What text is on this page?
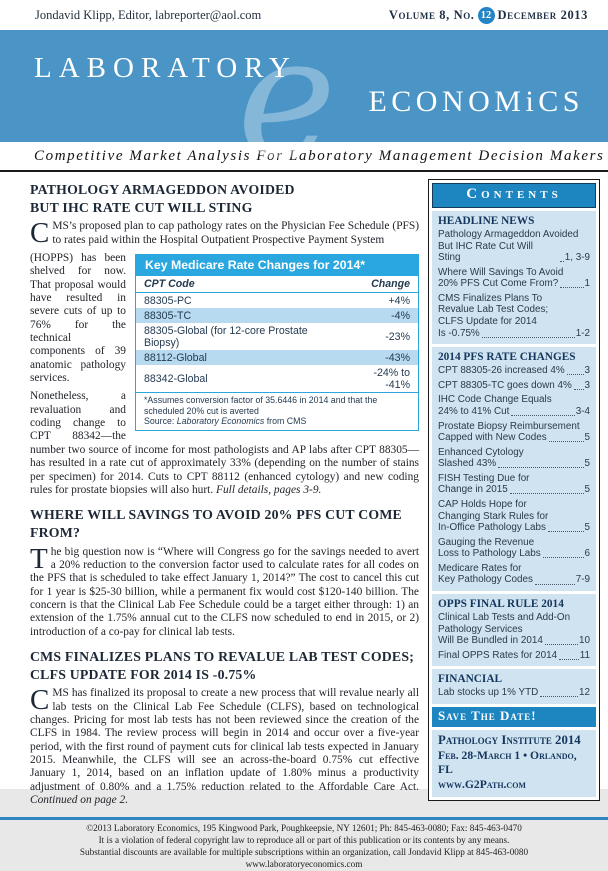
Jondavid Klipp, Editor, labreporter@aol.com	Volume 8, No. 12 December 2013
e
LABORATORY
ECONOMiCS
Competitive Market Analysis For Laboratory Management Decision Makers
PATHOLOGY ARMAGEDDON AVOIDED
BUT IHC RATE CUT WILL STING

CMS’s proposed plan to cap pathology rates on the Physician Fee Schedule (PFS) to rates paid within the Hospital Outpatient Prospective Payment System

Key Medicare Rate Changes for 2014*
CPT Code	Change
88305-PC	+4%
88305-TC	-4%
88305-Global (for 12-core Prostate Biopsy)	-23%
88112-Global	-43%
88342-Global	-24% to -41%
*Assumes conversion factor of 35.6446 in 2014 and that the scheduled 20% cut is averted
Source: Laboratory Economics from CMS

(HOPPS) has been shelved for now. That proposal would have resulted in severe cuts of up to 76% for the technical components of 39 anatomic pathology services.

Nonetheless, a revaluation and coding change to CPT 88342—the number two source of income for most pathologists and AP labs after CPT 88305—has resulted in a rate cut of approximately 33% (depending on the number of stains per specimen) for 2014. Cuts to CPT 88112 (enhanced cytology) and new coding rules for prostate biopsies will also hurt. Full details, pages 3-9.

WHERE WILL SAVINGS TO AVOID 20% PFS CUT COME FROM?

The big question now is “Where will Congress go for the savings needed to avert a 20% reduction to the conversion factor used to calculate rates for all codes on the PFS that is scheduled to take effect January 1, 2014?” The cost to cancel this cut for 1 year is $25-30 billion, while a permanent fix would cost $120-140 billion. The concern is that the Clinical Lab Fee Schedule could be a target either through: 1) an extension of the 1.75% annual cut to the CLFS now scheduled to end in 2015, or 2) introduction of a co-pay for clinical lab tests.

CMS FINALIZES PLANS TO REVALUE LAB TEST CODES;
CLFS UPDATE FOR 2014 IS -0.75%

CMS has finalized its proposal to create a new process that will revalue nearly all lab tests on the Clinical Lab Fee Schedule (CLFS), based on technological changes. Pricing for most lab tests has not been reviewed since the creation of the CLFS in 1984. The review process will begin in 2014 and occur over a five-year period, with the first round of payment cuts for clinical lab tests expected in January 2015. Meanwhile, the CLFS will see an across-the-board 0.75% cut effective January 1, 2014, based on an inflation update of 1.80% minus a productivity adjustment of 0.80% and a 1.75% reduction related to the Affordable Care Act. Continued on page 2.

Contents
HEADLINE NEWS
Pathology Armageddon Avoided
But IHC Rate Cut Will Sting	1, 3-9
Where Will Savings To Avoid
20% PFS Cut Come From?	1
CMS Finalizes Plans To
Revalue Lab Test Codes;
CLFS Update for 2014
Is -0.75%	1-2
2014 PFS RATE CHANGES
CPT 88305-26 increased 4% 3
CPT 88305-TC goes down 4% 3
IHC Code Change Equals
24% to 41% Cut	3-4
Prostate Biopsy Reimbursement
Capped with New Codes	5
Enhanced Cytology
Slashed 43%	5
FISH Testing Due for
Change in 2015	5
CAP Holds Hope for
Changing Stark Rules for
In-Office Pathology Labs	5
Gauging the Revenue
Loss to Pathology Labs	6
Medicare Rates for
Key Pathology Codes	7-9
OPPS FINAL RULE 2014
Clinical Lab Tests and Add-On
Pathology Services
Will Be Bundled in 2014	10
Final OPPS Rates for 2014 11
FINANCIAL
Lab stocks up 1% YTD	12
Save The Date!
Pathology Institute 2014
Feb. 28-March 1 • Orlando, FL
www.G2Path.com
©2013 Laboratory Economics, 195 Kingwood Park, Poughkeepsie, NY 12601; Ph: 845-463-0080; Fax: 845-463-0470
It is a violation of federal copyright law to reproduce all or part of this publication or its contents by any means.
Substantial discounts are available for multiple subscriptions within an organization, call Jondavid Klipp at 845-463-0080
www.laboratoryeconomics.com
